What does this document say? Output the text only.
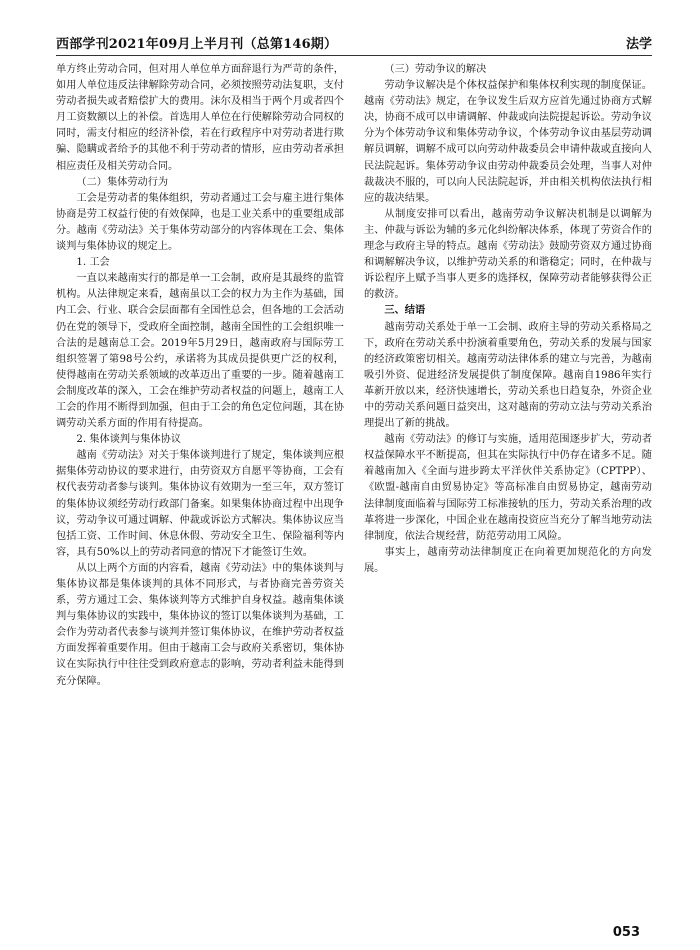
西部学刊2021年09月上半月刊（总第146期）	法学

单方终止劳动合同，但对用人单位单方面辞退行为严苛的条件，如用人单位违反法律解除劳动合同，必须按照劳动法复职，支付劳动者损失或者赔偿扩大的费用。沫尔及相当于两个月或者四个月工资数额以上的补偿。首选用人单位在行使解除劳动合同权的同时，需支付相应的经济补偿，若在行政程序中对劳动者进行欺骗、隐瞒或者给予的其他不利于劳动者的情形，应由劳动者承担相应责任及相关劳动合同。

（二）集体劳动行为

工会是劳动者的集体组织，劳动者通过工会与雇主进行集体协商是劳工权益行使的有效保障，也是工业关系中的重要组成部分。越南《劳动法》关于集体劳动部分的内容体现在工会、集体谈判与集体协议的规定上。

1. 工会

一直以来越南实行的都是单一工会制，政府是其最终的监管机构。从法律规定来看，越南虽以工会的权力为主作为基础，国内工会、行业、联合会层面都有全国性总会，但各地的工会活动仍在党的领导下，受政府全面控制，越南全国性的工会组织唯一合法的是越南总工会。2019年5月29日，越南政府与国际劳工组织签署了第98号公约，承诺将为其成员提供更广泛的权利，使得越南在劳动关系领域的改革迈出了重要的一步。随着越南工会制度改革的深入，工会在维护劳动者权益的问题上，越南工人工会的作用不断得到加强，但由于工会的角色定位问题，其在协调劳动关系方面的作用有待提高。

2. 集体谈判与集体协议

越南《劳动法》对关于集体谈判进行了规定，集体谈判应根据集体劳动协议的要求进行，由劳资双方自愿平等协商，工会有权代表劳动者参与谈判。集体协议有效期为一至三年，双方签订的集体协议须经劳动行政部门备案。如果集体协商过程中出现争议，劳动争议可通过调解、仲裁或诉讼方式解决。集体协议应当包括工资、工作时间、休息休假、劳动安全卫生、保险福利等内容，具有50%以上的劳动者同意的情况下才能签订生效。

从以上两个方面的内容看，越南《劳动法》中的集体谈判与集体协议都是集体谈判的具体不同形式，与者协商完善劳资关系，劳方通过工会、集体谈判等方式维护自身权益。越南集体谈判与集体协议的实践中，集体协议的签订以集体谈判为基础，工会作为劳动者代表参与谈判并签订集体协议，在维护劳动者权益方面发挥着重要作用。但由于越南工会与政府关系密切，集体协议在实际执行中往往受到政府意志的影响，劳动者利益未能得到充分保障。

（三）劳动争议的解决

劳动争议解决是个体权益保护和集体权利实现的制度保证。越南《劳动法》规定，在争议发生后双方应首先通过协商方式解决，协商不成可以申请调解、仲裁或向法院提起诉讼。劳动争议分为个体劳动争议和集体劳动争议，个体劳动争议由基层劳动调解员调解，调解不成可以向劳动仲裁委员会申请仲裁或直接向人民法院起诉。集体劳动争议由劳动仲裁委员会处理，当事人对仲裁裁决不服的，可以向人民法院起诉，并由相关机构依法执行相应的裁决结果。

从制度安排可以看出，越南劳动争议解决机制是以调解为主、仲裁与诉讼为辅的多元化纠纷解决体系，体现了劳资合作的理念与政府主导的特点。越南《劳动法》鼓励劳资双方通过协商和调解解决争议，以维护劳动关系的和谐稳定；同时，在仲裁与诉讼程序上赋予当事人更多的选择权，保障劳动者能够获得公正的救济。

三、结语

越南劳动关系处于单一工会制、政府主导的劳动关系格局之下，政府在劳动关系中扮演着重要角色，劳动关系的发展与国家的经济政策密切相关。越南劳动法律体系的建立与完善，为越南吸引外资、促进经济发展提供了制度保障。越南自1986年实行革新开放以来，经济快速增长，劳动关系也日趋复杂，外资企业中的劳动关系问题日益突出，这对越南的劳动立法与劳动关系治理提出了新的挑战。

越南《劳动法》的修订与实施，适用范围逐步扩大，劳动者权益保障水平不断提高，但其在实际执行中仍存在诸多不足。随着越南加入《全面与进步跨太平洋伙伴关系协定》（CPTPP）、《欧盟-越南自由贸易协定》等高标准自由贸易协定，越南劳动法律制度面临着与国际劳工标准接轨的压力，劳动关系治理的改革将进一步深化，中国企业在越南投资应当充分了解当地劳动法律制度，依法合规经营，防范劳动用工风险。

事实上，越南劳动法律制度正在向着更加规范化的方向发展。

053
